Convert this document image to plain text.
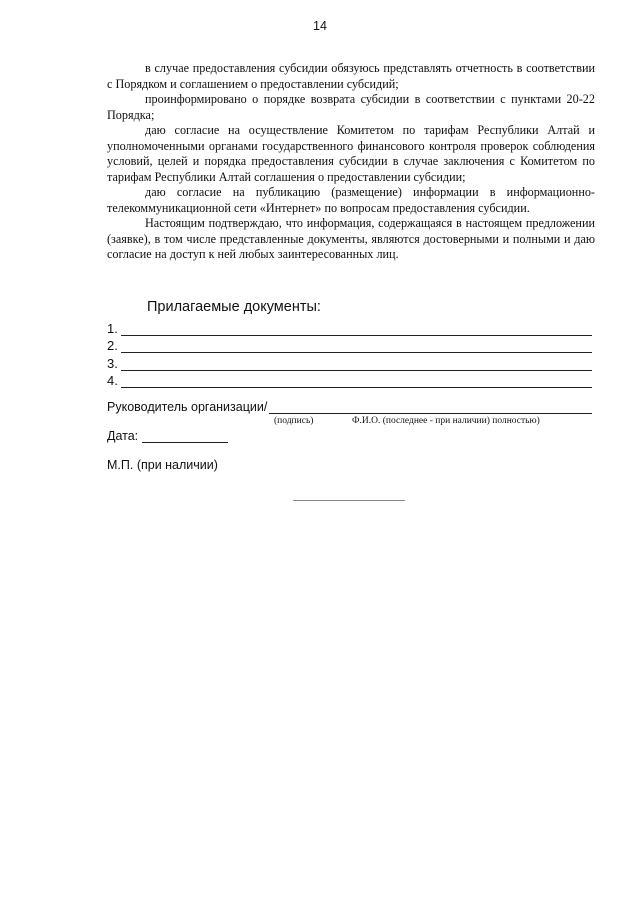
14

в случае предоставления субсидии обязуюсь представлять отчетность в соответствии с Порядком и соглашением о предоставлении субсидий;

проинформировано о порядке возврата субсидии в соответствии с пунктами 20-22 Порядка;

даю согласие на осуществление Комитетом по тарифам Республики Алтай и уполномоченными органами государственного финансового контроля проверок соблюдения условий, целей и порядка предоставления субсидии в случае заключения с Комитетом по тарифам Республики Алтай соглашения о предоставлении субсидии;

даю согласие на публикацию (размещение) информации в информационно-телекоммуникационной сети «Интернет» по вопросам предоставления субсидии.

Настоящим подтверждаю, что информация, содержащаяся в настоящем предложении (заявке), в том числе представленные документы, являются достоверными и полными и даю согласие на доступ к ней любых заинтересованных лиц.

Прилагаемые документы:
1.
2.
3.
4.
Руководитель организации/
(подпись)	Ф.И.О. (последнее - при наличии) полностью)
Дата:
М.П. (при наличии)
